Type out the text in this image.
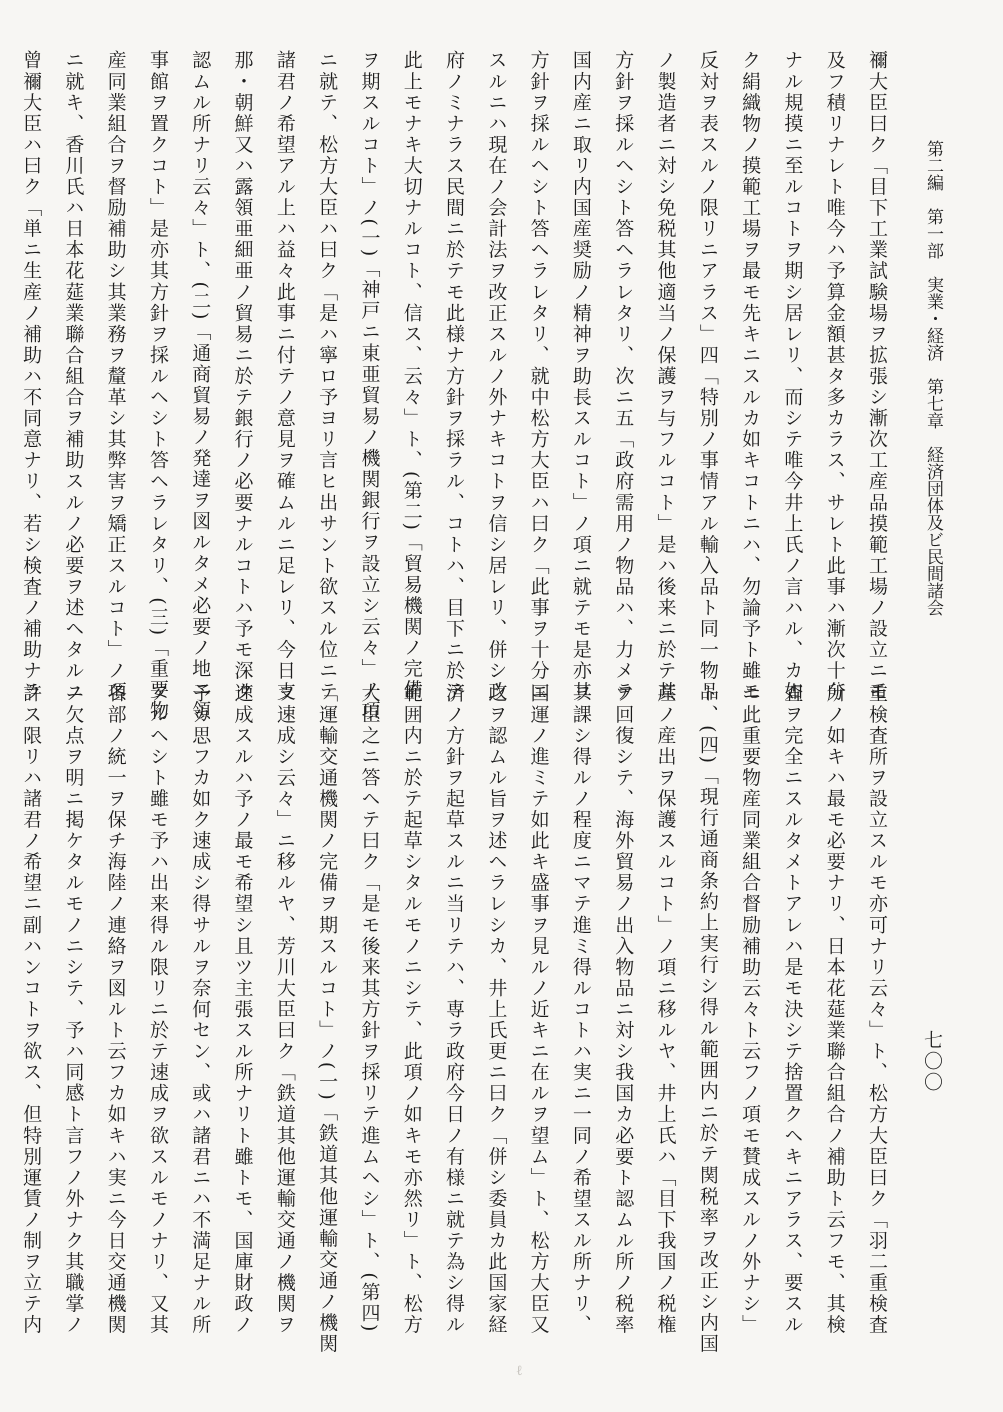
第二編　第一部　実業・経済　第七章　経済団体及ビ民間諸会
七〇〇
禰大臣曰ク「目下工業試験場ヲ拡張シ漸次工産品摸範工場ノ設立ニモ
及フ積リナレト唯今ハ予算金額甚タ多カラス、サレト此事ハ漸次十分
ナル規摸ニ至ルコトヲ期シ居レリ、而シテ唯今井上氏ノ言ハル、カ如
ク絹織物ノ摸範工場ヲ最モ先キニスルカ如キコトニハ、勿論予ト雖モ
反対ヲ表スルノ限リニアラス」四「特別ノ事情アル輸入品ト同一物品
ノ製造者ニ対シ免税其他適当ノ保護ヲ与フルコト」是ハ後来ニ於テ其
方針ヲ採ルヘシト答ヘラレタリ、次ニ五「政府需用ノ物品ハ、力メテ
国内産ニ取リ内国産奨励ノ精神ヲ助長スルコト」ノ項ニ就テモ是亦其
方針ヲ採ルヘシト答ヘラレタリ、就中松方大臣ハ曰ク「此事ヲ十分ニ
スルニハ現在ノ会計法ヲ改正スルノ外ナキコトヲ信シ居レリ、併シ政
府ノミナラス民間ニ於テモ此様ナ方針ヲ採ラル、コトハ、目下ニ於テ
此上モナキ大切ナルコト、信ス、云々」ト、(第二)「貿易機関ノ完備
ヲ期スルコト」ノ(一)「神戸ニ東亜貿易ノ機関銀行ヲ設立シ云々」ノ項
ニ就テ、松方大臣ハ曰ク「是ハ寧ロ予ヨリ言ヒ出サント欲スル位ニテ
諸君ノ希望アル上ハ益々此事ニ付テノ意見ヲ確ムルニ足レリ、今日支
那・朝鮮又ハ露領亜細亜ノ貿易ニ於テ銀行ノ必要ナルコトハ予モ深ク
認ムル所ナリ云々」ト、(二)「通商貿易ノ発達ヲ図ルタメ必要ノ地ニ領
事館ヲ置クコト」是亦其方針ヲ採ルヘシト答ヘラレタリ、(三)「重要物
産同業組合ヲ督励補助シ其業務ヲ釐革シ其弊害ヲ矯正スルコト」ノ項
ニ就キ、香川氏ハ日本花莚業聯合組合ヲ補助スルノ必要ヲ述ヘタルニ
曾禰大臣ハ曰ク「単ニ生産ノ補助ハ不同意ナリ、若シ検査ノ補助ナラ
重検査所ヲ設立スルモ亦可ナリ云々」ト、松方大臣曰ク「羽二重検査
所ノ如キハ最モ必要ナリ、日本花莚業聯合組合ノ補助ト云フモ、其検
査ヲ完全ニスルタメトアレハ是モ決シテ捨置クヘキニアラス、要スル
ニ此重要物産同業組合督励補助云々ト云フノ項モ賛成スルノ外ナシ」
ト、(四)「現行通商条約上実行シ得ル範囲内ニ於テ関税率ヲ改正シ内国
産ノ産出ヲ保護スルコト」ノ項ニ移ルヤ、井上氏ハ「目下我国ノ税権
ヲ回復シテ、海外貿易ノ出入物品ニ対シ我国カ必要ト認ムル所ノ税率
ヲ課シ得ルノ程度ニマテ進ミ得ルコトハ実ニ一同ノ希望スル所ナリ、
国運ノ進ミテ如此キ盛事ヲ見ルノ近キニ在ルヲ望ム」ト、松方大臣又
之ヲ認ムル旨ヲ述ヘラレシカ、井上氏更ニ曰ク「併シ委員カ此国家経
済ノ方針ヲ起草スルニ当リテハ、専ラ政府今日ノ有様ニ就テ為シ得ル
範囲内ニ於テ起草シタルモノニシテ、此項ノ如キモ亦然リ」ト、松方
大臣之ニ答ヘテ曰ク「是モ後来其方針ヲ採リテ進ムヘシ」ト、(第四)
「運輸交通機関ノ完備ヲ期スルコト」ノ(一)「鉄道其他運輸交通ノ機関
ヲ速成シ云々」ニ移ルヤ、芳川大臣曰ク「鉄道其他運輸交通ノ機関ヲ
速成スルハ予ノ最モ希望シ且ツ主張スル所ナリト雖トモ、国庫財政ノ
予カ思フカ如ク速成シ得サルヲ奈何セン、或ハ諸君ニハ不満足ナル所
アルヘシト雖モ予ハ出来得ル限リニ於テ速成ヲ欲スルモノナリ、又其
各部ノ統一ヲ保チ海陸ノ連絡ヲ図ルト云フカ如キハ実ニ今日交通機関
ノ欠点ヲ明ニ掲ケタルモノニシテ、予ハ同感ト言フノ外ナク其職掌ノ
許ス限リハ諸君ノ希望ニ副ハンコトヲ欲ス、但特別運賃ノ制ヲ立テ内
ℓ
